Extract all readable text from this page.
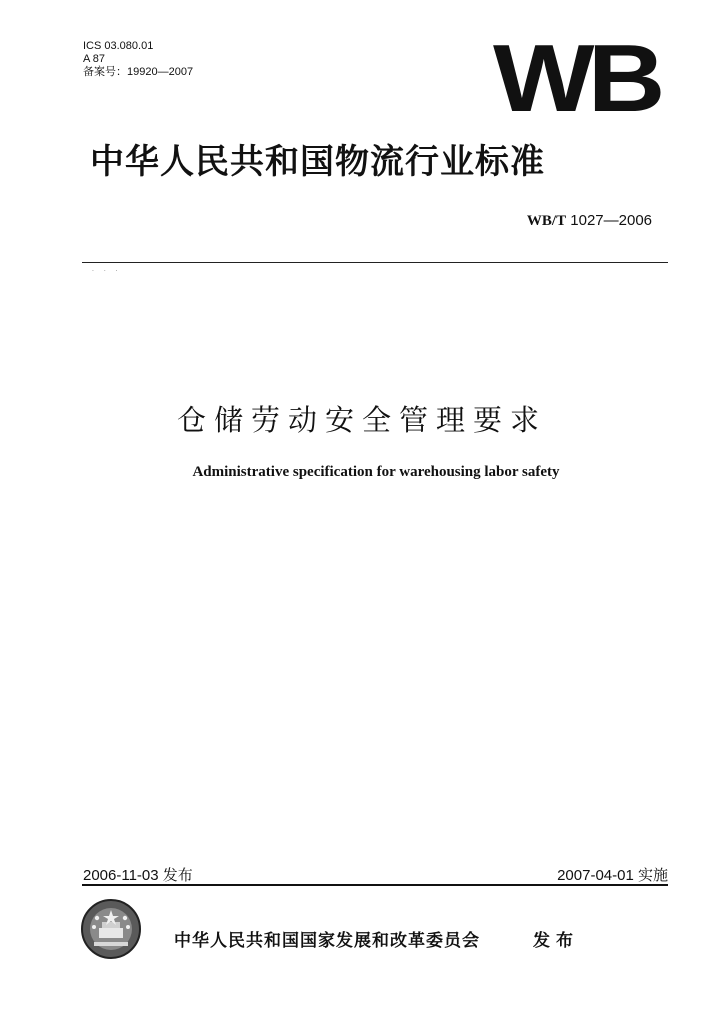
ICS 03.080.01
A 87
备案号：19920—2007	WB
中华人民共和国物流行业标准
WB/T 1027—2006
· · ·
仓储劳动安全管理要求
Administrative specification for warehousing labor safety
2006-11-03 发布	2007-04-01 实施
中华人民共和国国家发展和改革委员会	发布
